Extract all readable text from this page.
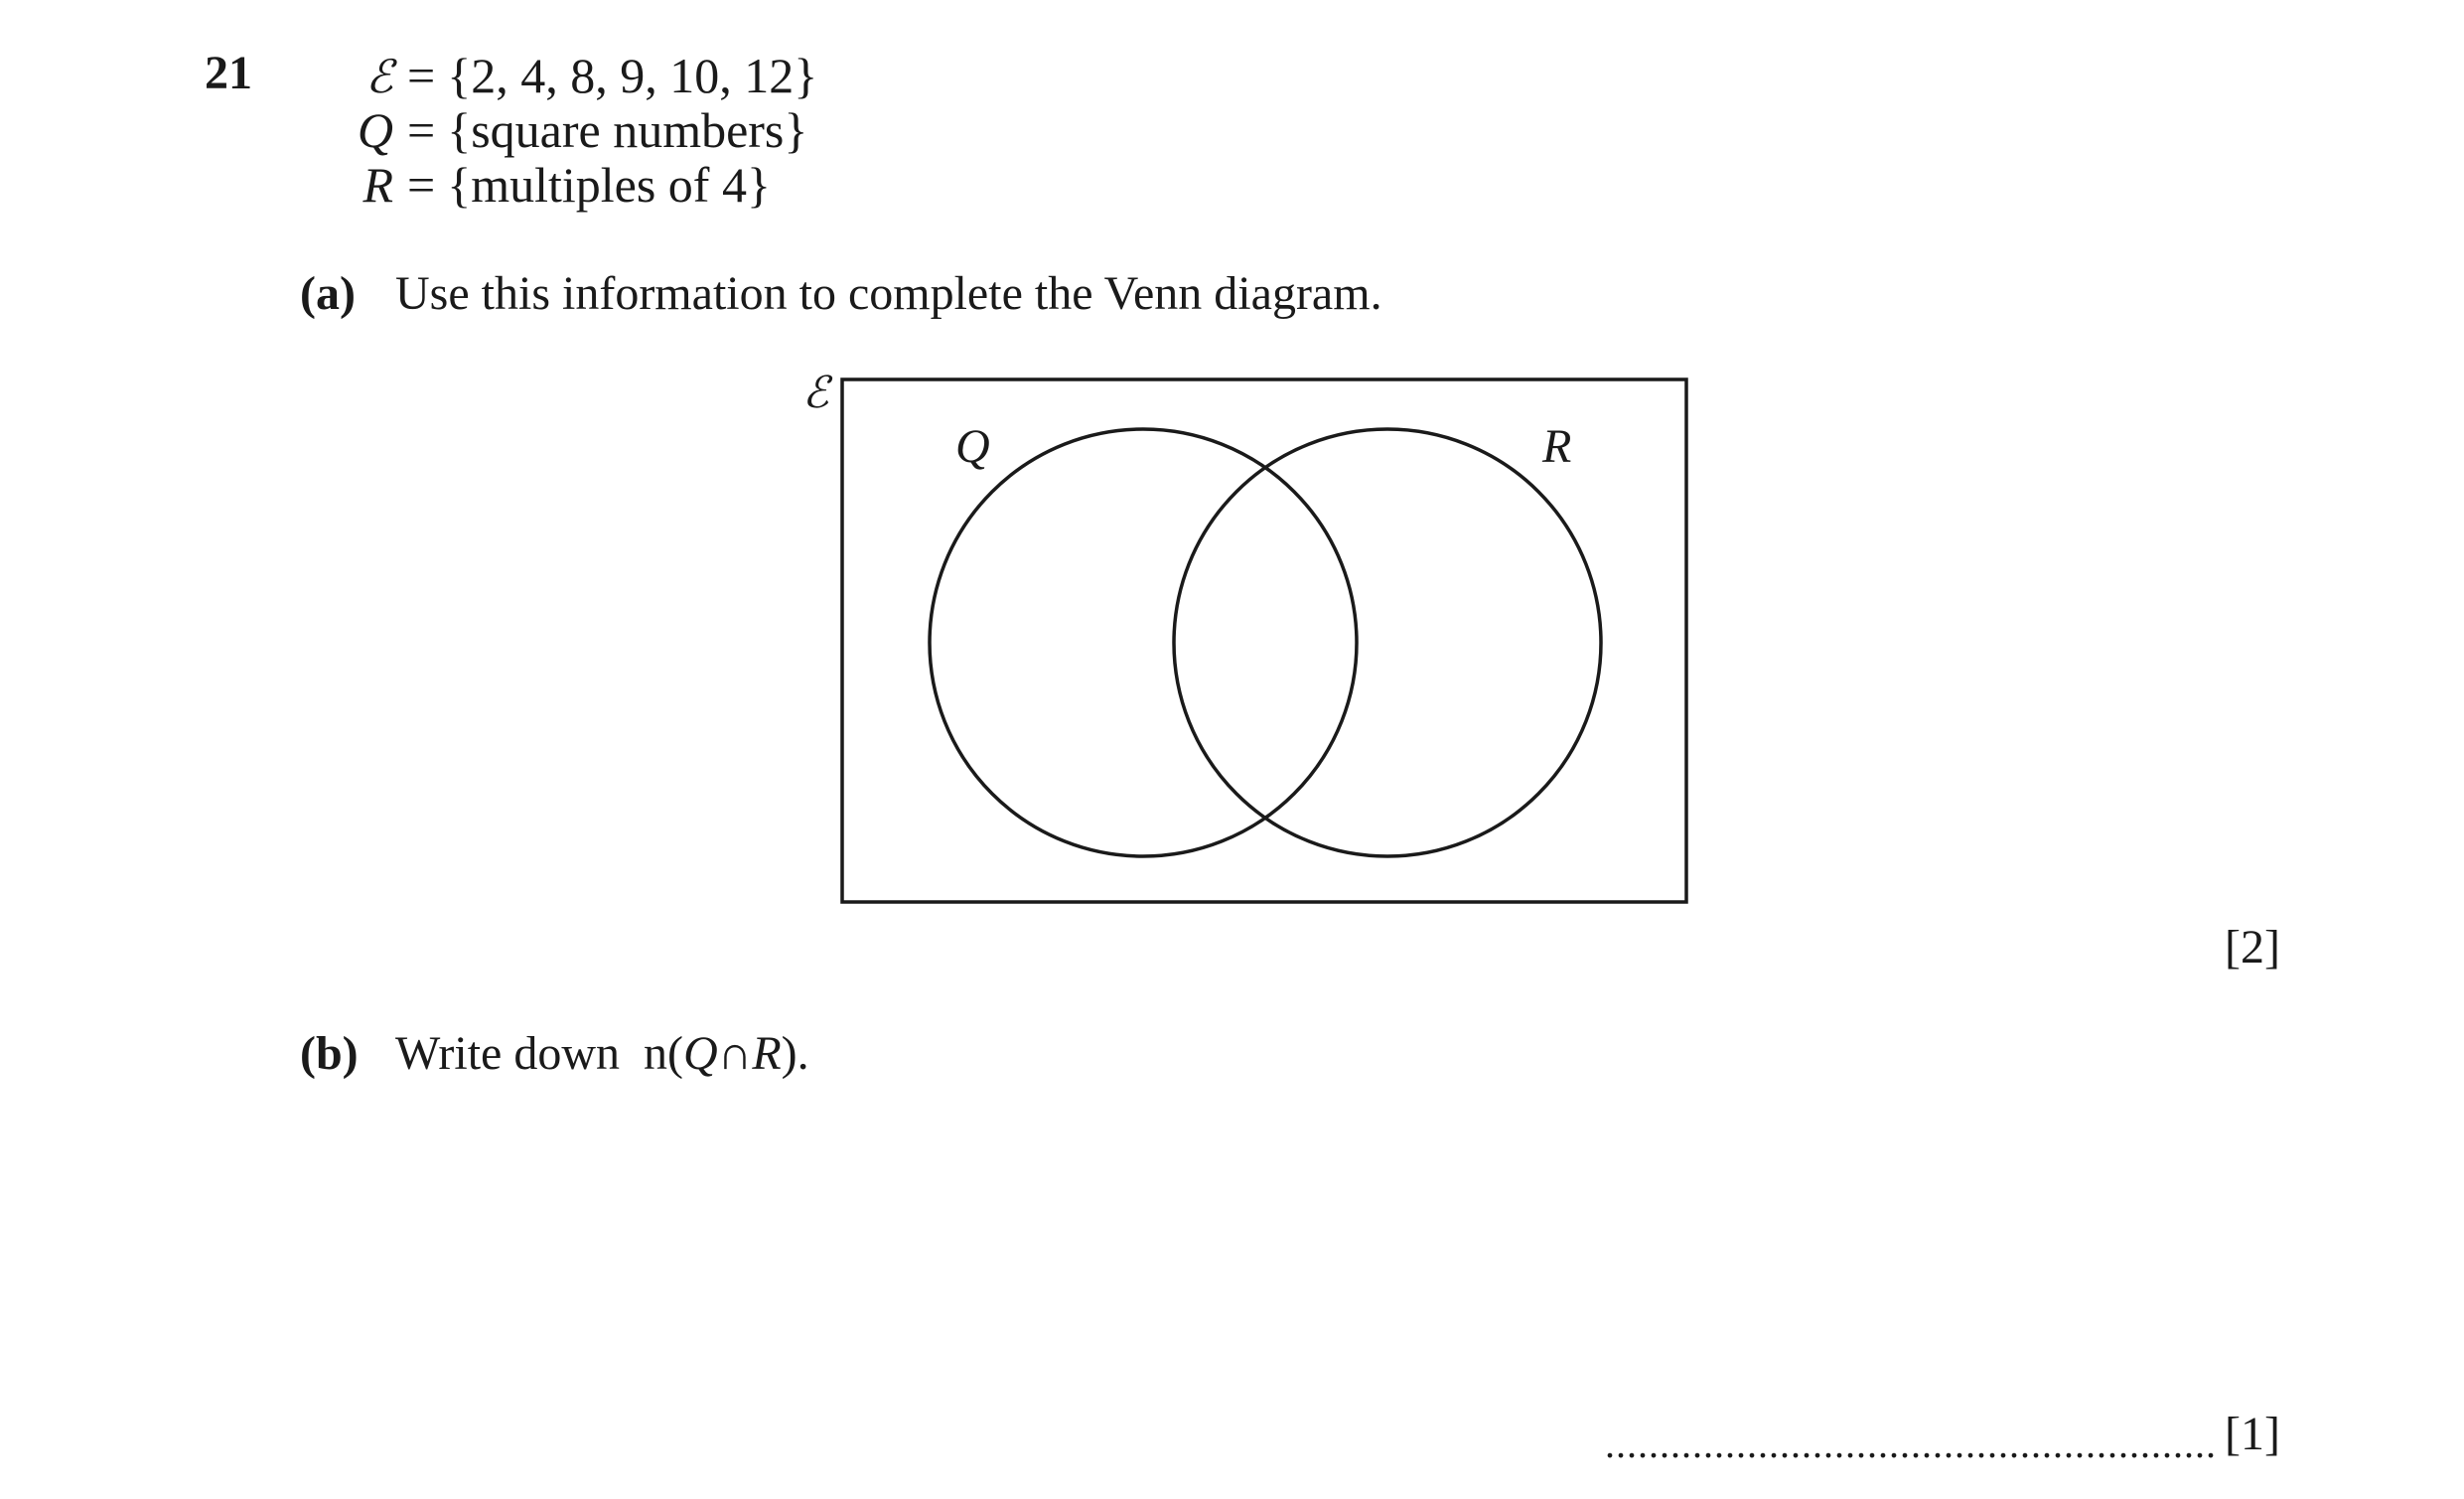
21	ℰ = {2, 4, 8, 9, 10, 12}
Q = {square numbers}
R = {multiples of 4}
(a) Use this information to complete the Venn diagram.
ℰ
Q	R
[2]
(b) Write down n(Q∩R).
........................................................ [1]
